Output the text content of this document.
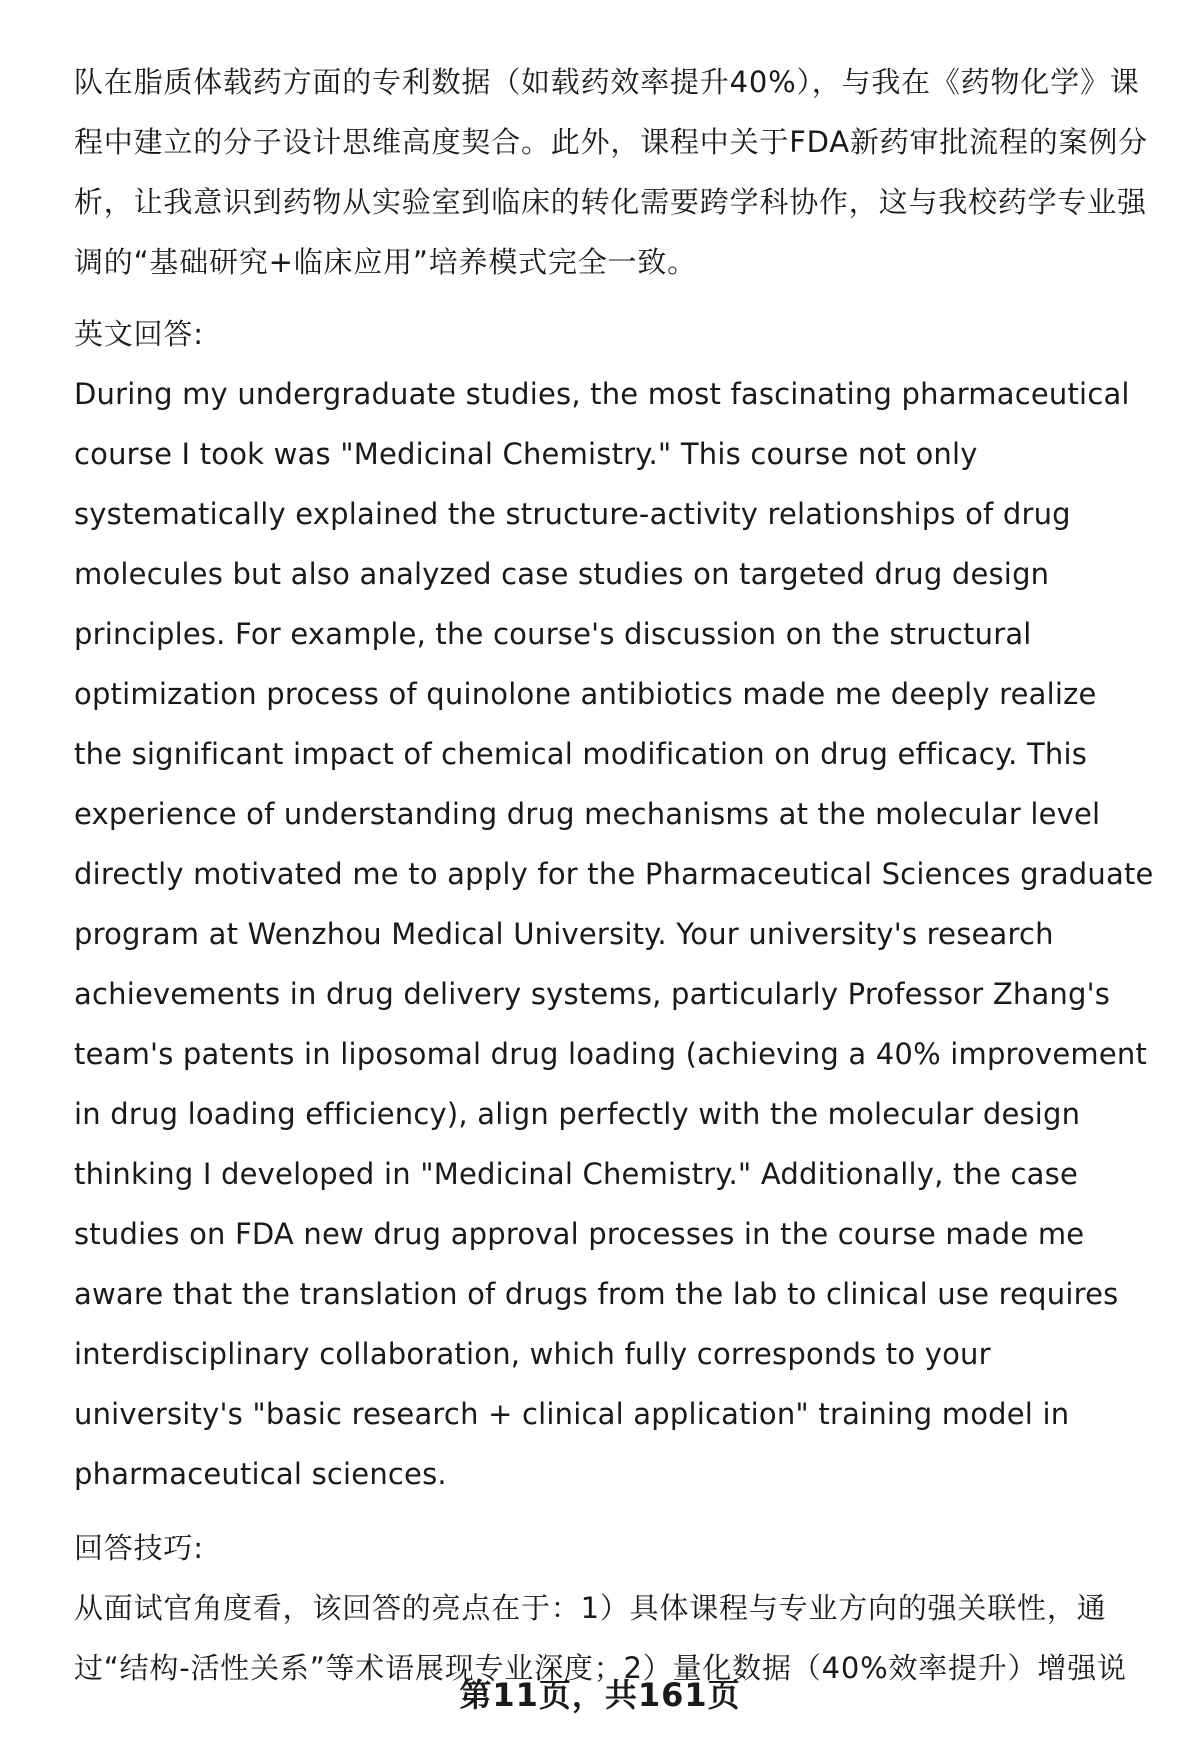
队在脂质体载药方面的专利数据（如载药效率提升40%），与我在《药物化学》课程中建立的分子设计思维高度契合。此外，课程中关于FDA新药审批流程的案例分析，让我意识到药物从实验室到临床的转化需要跨学科协作，这与我校药学专业强调的“基础研究+临床应用”培养模式完全一致。

英文回答:

During my undergraduate studies, the most fascinating pharmaceutical course I took was "Medicinal Chemistry." This course not only systematically explained the structure-activity relationships of drug molecules but also analyzed case studies on targeted drug design principles. For example, the course's discussion on the structural optimization process of quinolone antibiotics made me deeply realize the significant impact of chemical modification on drug efficacy. This experience of understanding drug mechanisms at the molecular level directly motivated me to apply for the Pharmaceutical Sciences graduate program at Wenzhou Medical University. Your university's research achievements in drug delivery systems, particularly Professor Zhang's team's patents in liposomal drug loading (achieving a 40% improvement in drug loading efficiency), align perfectly with the molecular design thinking I developed in "Medicinal Chemistry." Additionally, the case studies on FDA new drug approval processes in the course made me aware that the translation of drugs from the lab to clinical use requires interdisciplinary collaboration, which fully corresponds to your university's "basic research + clinical application" training model in pharmaceutical sciences.

回答技巧:

从面试官角度看，该回答的亮点在于：1）具体课程与专业方向的强关联性，通过“结构-活性关系”等术语展现专业深度；2）量化数据（40%效率提升）增强说

第11页，共161页
